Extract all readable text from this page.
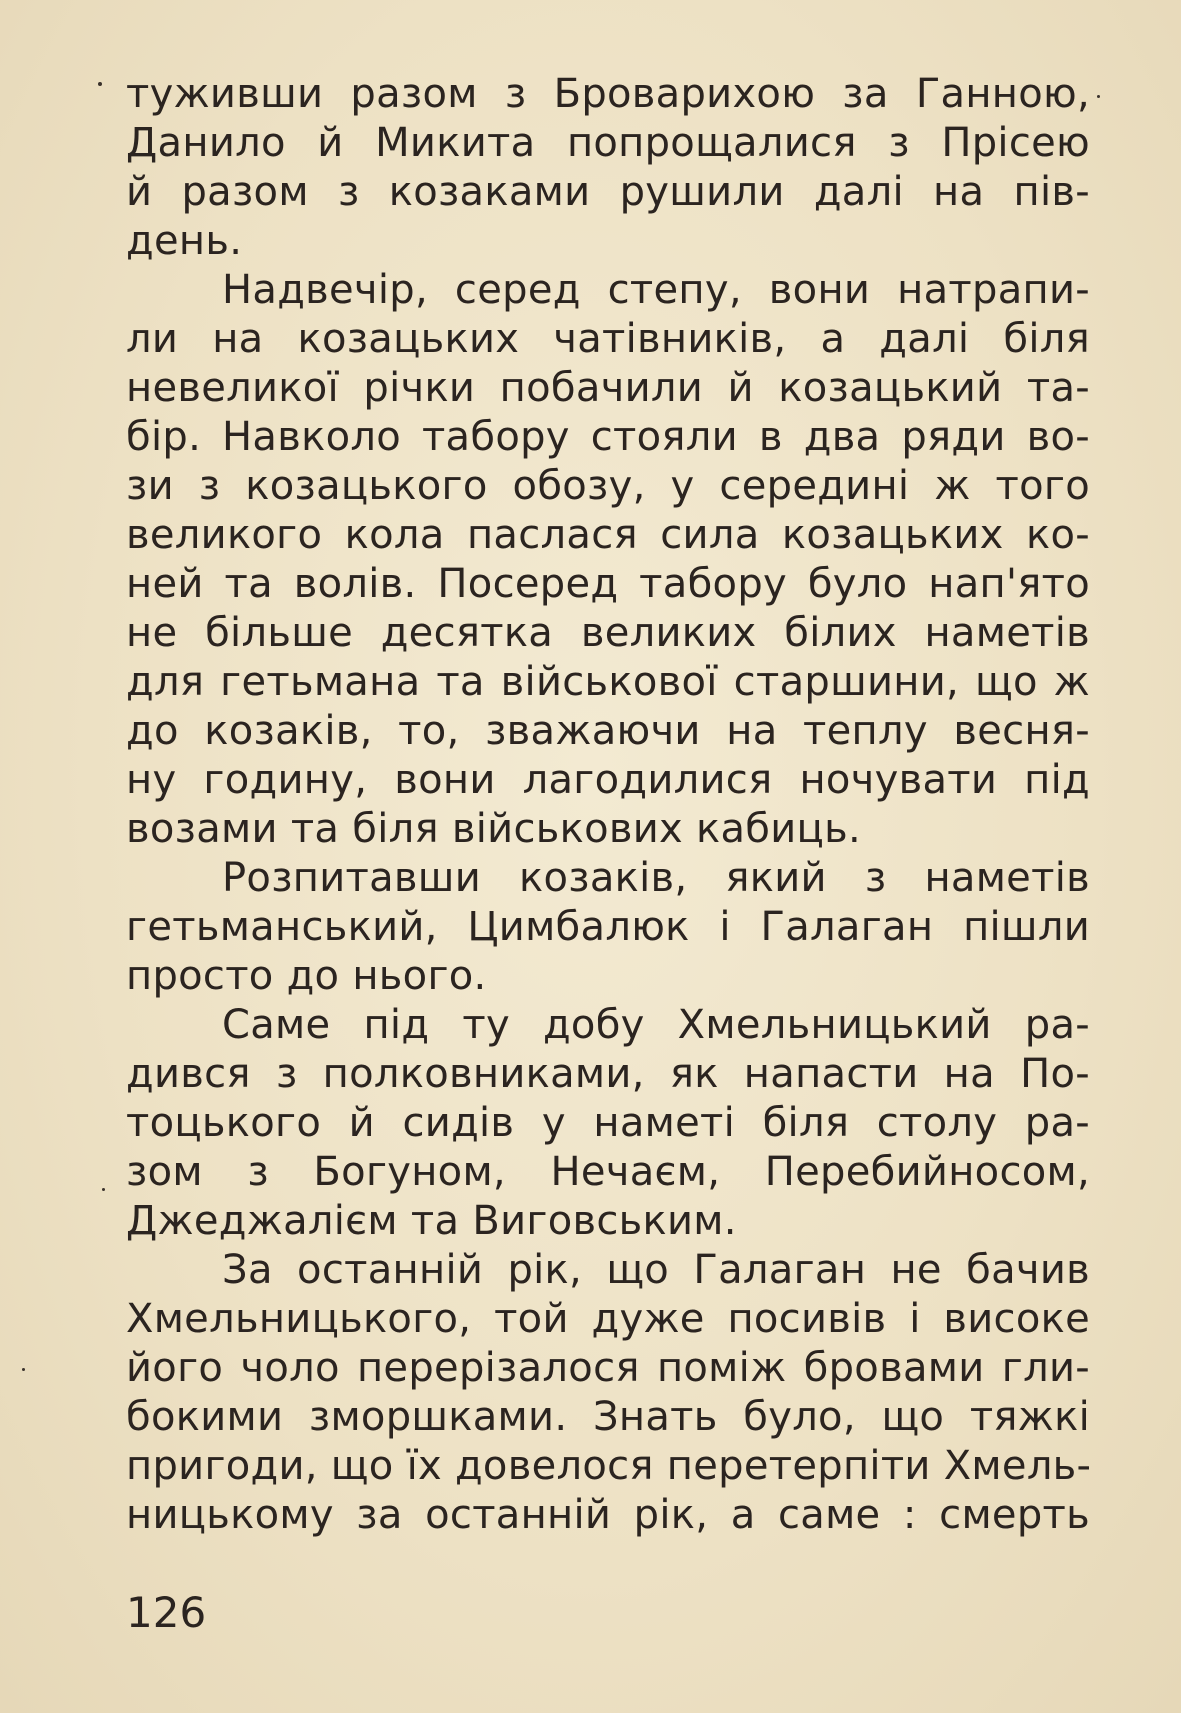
туживши разом з Броварихою за Ганною,
Данило й Микита попрощалися з Прісею
й разом з козаками рушили далі на пів-
день.
Надвечір, серед степу, вони натрапи-
ли на козацьких чатівників, а далі біля
невеликої річки побачили й козацький та-
бір. Навколо табору стояли в два ряди во-
зи з козацького обозу, у середині ж того
великого кола паслася сила козацьких ко-
ней та волів. Посеред табору було нап'ято
не більше десятка великих білих наметів
для гетьмана та військової старшини, що ж
до козаків, то, зважаючи на теплу весня-
ну годину, вони лагодилися ночувати під
возами та біля військових кабиць.
Розпитавши козаків, який з наметів
гетьманський, Цимбалюк і Галаган пішли
просто до нього.
Саме під ту добу Хмельницький ра-
дився з полковниками, як напасти на По-
тоцького й сидів у наметі біля столу ра-
зом з Богуном, Нечаєм, Перебийносом,
Джеджалієм та Виговським.
За останній рік, що Галаган не бачив
Хмельницького, той дуже посивів і високе
його чоло перерізалося поміж бровами гли-
бокими зморшками. Знать було, що тяжкі
пригоди, що їх довелося перетерпіти Хмель-
ницькому за останній рік, а саме : смерть
126
